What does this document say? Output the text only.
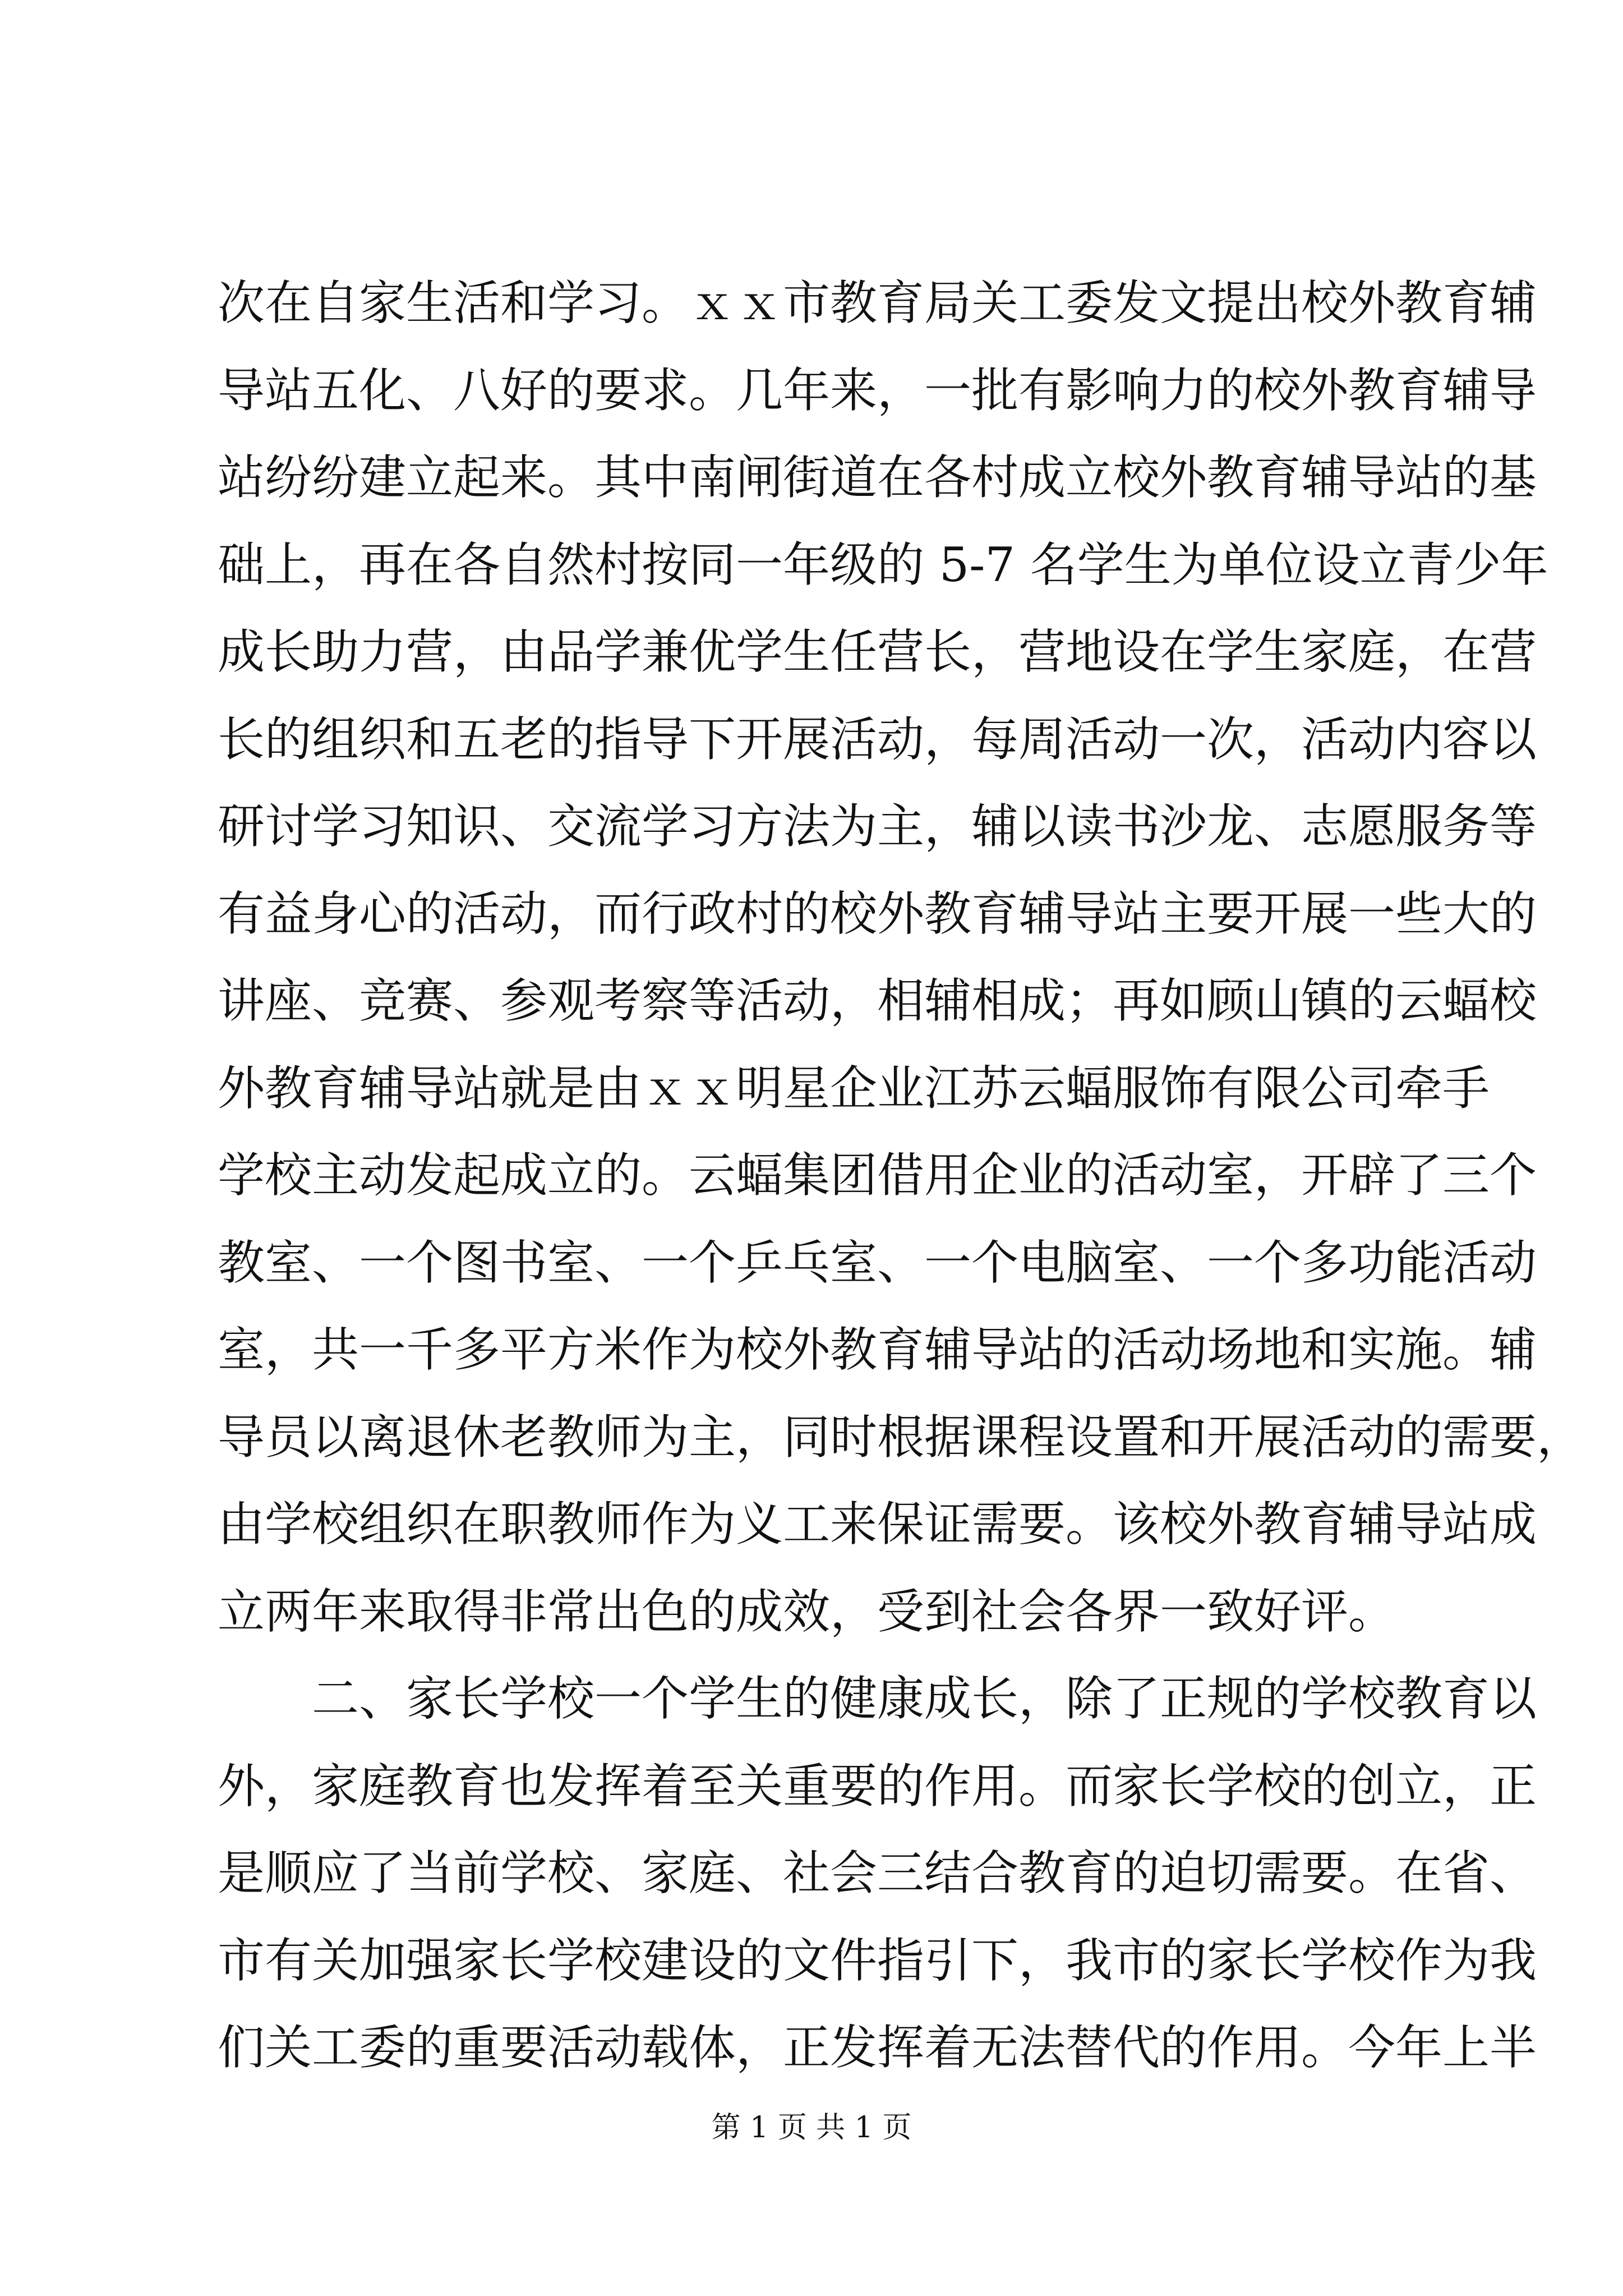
次在自家生活和学习。ｘｘ市教育局关工委发文提出校外教育辅
导站五化、八好的要求。几年来，一批有影响力的校外教育辅导
站纷纷建立起来。其中南闸街道在各村成立校外教育辅导站的基
础上，再在各自然村按同一年级的 5-7 名学生为单位设立青少年
成长助力营，由品学兼优学生任营长，营地设在学生家庭，在营
长的组织和五老的指导下开展活动，每周活动一次，活动内容以
研讨学习知识、交流学习方法为主，辅以读书沙龙、志愿服务等
有益身心的活动，而行政村的校外教育辅导站主要开展一些大的
讲座、竞赛、参观考察等活动，相辅相成；再如顾山镇的云蝠校
外教育辅导站就是由ｘｘ明星企业江苏云蝠服饰有限公司牵手
学校主动发起成立的。云蝠集团借用企业的活动室，开辟了三个
教室、一个图书室、一个乒乓室、一个电脑室、一个多功能活动
室，共一千多平方米作为校外教育辅导站的活动场地和实施。辅
导员以离退休老教师为主，同时根据课程设置和开展活动的需要，
由学校组织在职教师作为义工来保证需要。该校外教育辅导站成
立两年来取得非常出色的成效，受到社会各界一致好评。
二、家长学校一个学生的健康成长，除了正规的学校教育以
外，家庭教育也发挥着至关重要的作用。而家长学校的创立，正
是顺应了当前学校、家庭、社会三结合教育的迫切需要。在省、
市有关加强家长学校建设的文件指引下，我市的家长学校作为我
们关工委的重要活动载体，正发挥着无法替代的作用。今年上半
第 1 页 共 1 页
